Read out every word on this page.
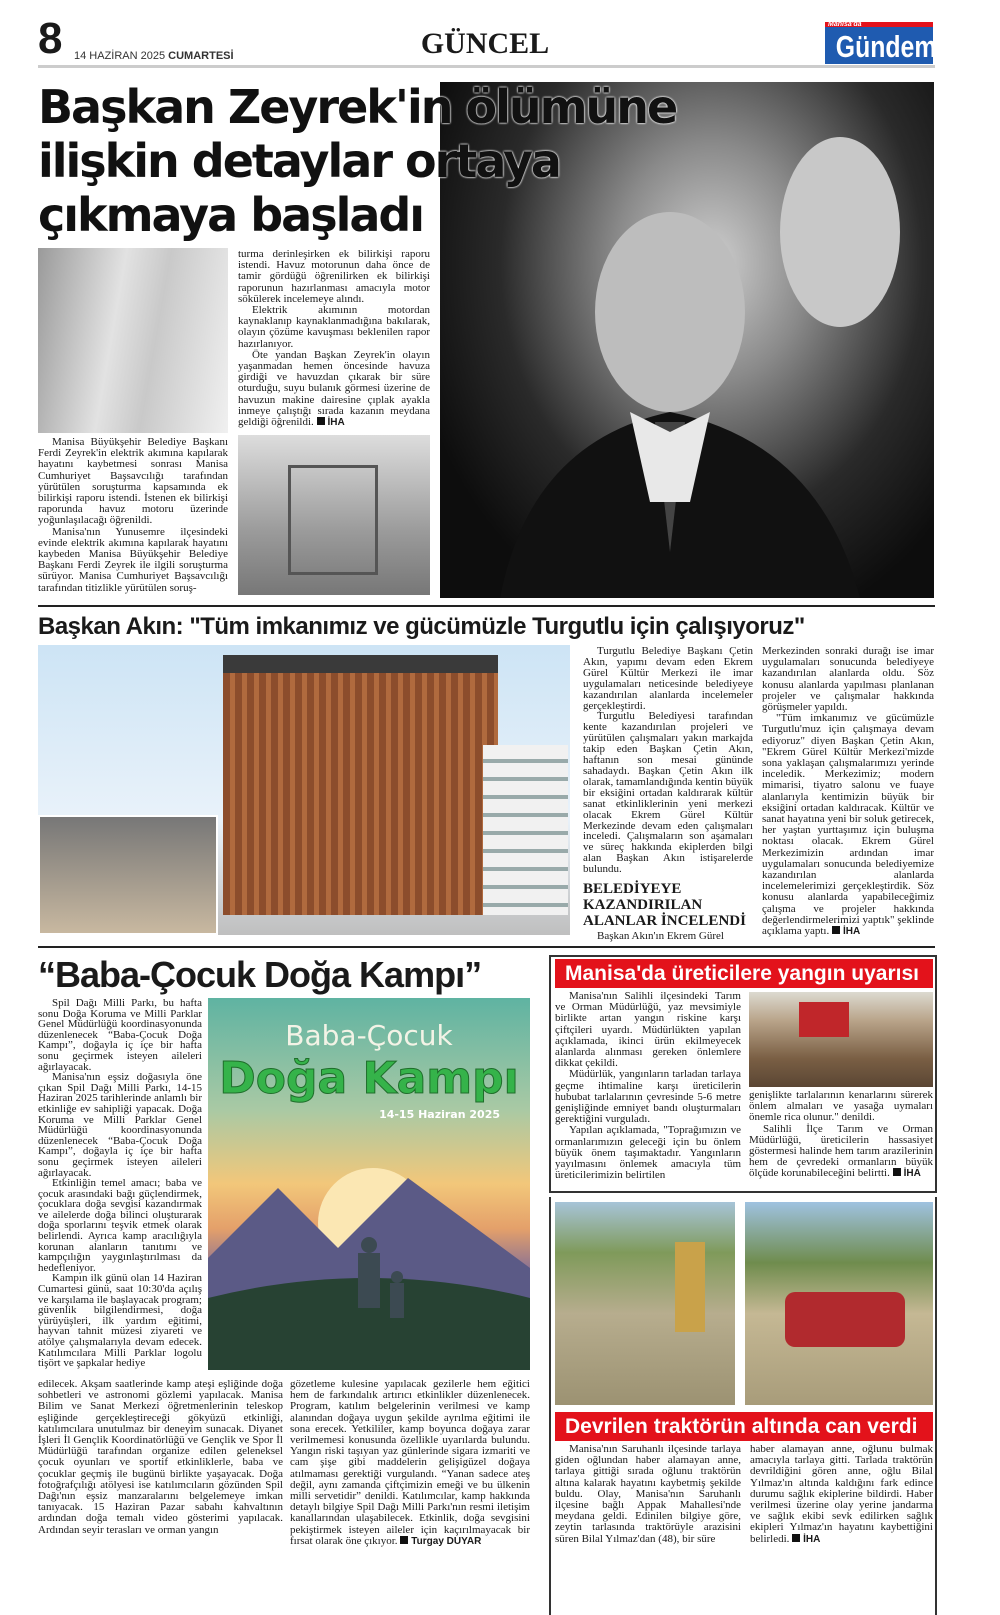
8 14 HAZİRAN 2025 CUMARTESİ	GÜNCEL
Manisa'da
Gündem
Başkan Zeyrek'in ölümüne
ilişkin detaylar ortaya
çıkmaya başladı

turma derinleşirken ek bilirkişi raporu istendi. Havuz motorunun daha önce de tamir gördüğü öğrenilirken ek bilirkişi raporunun hazırlanması amacıyla motor sökülerek incelemeye alındı.

Elektrik akımının motordan kaynaklanıp kaynaklanmadığına bakılarak, olayın çözüme kavuşması beklenilen rapor hazırlanıyor.

Öte yandan Başkan Zeyrek'in olayın yaşanmadan hemen öncesinde havuza girdiği ve havuzdan çıkarak bir süre oturduğu, suyu bulanık görmesi üzerine de havuzun makine dairesine çıplak ayakla inmeye çalıştığı sırada kazanın meydana geldiği öğrenildi. İHA

Manisa Büyükşehir Belediye Başkanı Ferdi Zeyrek'in elektrik akımına kapılarak hayatını kaybetmesi sonrası Manisa Cumhuriyet Başsavcılığı tarafından yürütülen soruşturma kapsamında ek bilirkişi raporu istendi. İstenen ek bilirkişi raporunda havuz motoru üzerinde yoğunlaşılacağı öğrenildi.

Manisa'nın Yunusemre ilçesindeki evinde elektrik akımına kapılarak hayatını kaybeden Manisa Büyükşehir Belediye Başkanı Ferdi Zeyrek ile ilgili soruşturma sürüyor. Manisa Cumhuriyet Başsavcılığı tarafından titizlikle yürütülen soruş-

Başkan Akın: "Tüm imkanımız ve gücümüzle Turgutlu için çalışıyoruz"

Turgutlu Belediye Başkanı Çetin Akın, yapımı devam eden Ekrem Gürel Kültür Merkezi ile imar uygulamaları neticesinde belediyeye kazandırılan alanlarda incelemeler gerçekleştirdi.

Turgutlu Belediyesi tarafından kente kazandırılan projeleri ve yürütülen çalışmaları yakın markajda takip eden Başkan Çetin Akın, haftanın son mesai gününde sahadaydı. Başkan Çetin Akın ilk olarak, tamamlandığında kentin büyük bir eksiğini ortadan kaldırarak kültür sanat etkinliklerinin yeni merkezi olacak Ekrem Gürel Kültür Merkezinde devam eden çalışmaları inceledi. Çalışmaların son aşamaları ve süreç hakkında ekiplerden bilgi alan Başkan Akın istişarelerde bulundu.

BELEDİYEYE KAZANDIRILAN ALANLAR İNCELENDİ
Başkan Akın'ın Ekrem Gürel

Merkezinden sonraki durağı ise imar uygulamaları sonucunda belediyeye kazandırılan alanlarda oldu. Söz konusu alanlarda yapılması planlanan projeler ve çalışmalar hakkında görüşmeler yapıldı.

"Tüm imkanımız ve gücümüzle Turgutlu'muz için çalışmaya devam ediyoruz" diyen Başkan Çetin Akın, "Ekrem Gürel Kültür Merkezi'mizde sona yaklaşan çalışmalarımızı yerinde inceledik. Merkezimiz; modern mimarisi, tiyatro salonu ve fuaye alanlarıyla kentimizin büyük bir eksiğini ortadan kaldıracak. Kültür ve sanat hayatına yeni bir soluk getirecek, her yaştan yurttaşımız için buluşma noktası olacak. Ekrem Gürel Merkezimizin ardından imar uygulamaları sonucunda belediyemize kazandırılan alanlarda incelemelerimizi gerçekleştirdik. Söz konusu alanlarda yapabileceğimiz çalışma ve projeler hakkında değerlendirmelerimizi yaptık" şeklinde açıklama yaptı. İHA

“Baba-Çocuk Doğa Kampı”

Spil Dağı Milli Parkı, bu hafta sonu Doğa Koruma ve Milli Parklar Genel Müdürlüğü koordinasyonunda düzenlenecek “Baba-Çocuk Doğa Kampı”, doğayla iç içe bir hafta sonu geçirmek isteyen aileleri ağırlayacak.

Manisa'nın eşsiz doğasıyla öne çıkan Spil Dağı Milli Parkı, 14-15 Haziran 2025 tarihlerinde anlamlı bir etkinliğe ev sahipliği yapacak. Doğa Koruma ve Milli Parklar Genel Müdürlüğü koordinasyonunda düzenlenecek “Baba-Çocuk Doğa Kampı”, doğayla iç içe bir hafta sonu geçirmek isteyen aileleri ağırlayacak.

Etkinliğin temel amacı; baba ve çocuk arasındaki bağı güçlendirmek, çocuklara doğa sevgisi kazandırmak ve ailelerde doğa bilinci oluşturarak doğa sporlarını teşvik etmek olarak belirlendi. Ayrıca kamp aracılığıyla korunan alanların tanıtımı ve kampçılığın yaygınlaştırılması da hedefleniyor.

Kampın ilk günü olan 14 Haziran Cumartesi günü, saat 10:30'da açılış ve karşılama ile başlayacak program; güvenlik bilgilendirmesi, doğa yürüyüşleri, ilk yardım eğitimi, hayvan tahnit müzesi ziyareti ve atölye çalışmalarıyla devam edecek. Katılımcılara Milli Parklar logolu tişört ve şapkalar hediye

Baba-Çocuk
Doğa Kampı
14-15 Haziran 2025
edilecek. Akşam saatlerinde kamp ateşi eşliğinde doğa sohbetleri ve astronomi gözlemi yapılacak. Manisa Bilim ve Sanat Merkezi öğretmenlerinin teleskop eşliğinde gerçekleştireceği gökyüzü etkinliği, katılımcılara unutulmaz bir deneyim sunacak. Diyanet İşleri İl Gençlik Koordinatörlüğü ve Gençlik ve Spor İl Müdürlüğü tarafından organize edilen geleneksel çocuk oyunları ve sportif etkinliklerle, baba ve çocuklar geçmiş ile bugünü birlikte yaşayacak. Doğa fotoğrafçılığı atölyesi ise katılımcıların gözünden Spil Dağı'nın eşsiz manzaralarını belgelemeye imkan tanıyacak. 15 Haziran Pazar sabahı kahvaltının ardından doğa temalı video gösterimi yapılacak. Ardından seyir terasları ve orman yangın
gözetleme kulesine yapılacak gezilerle hem eğitici hem de farkındalık artırıcı etkinlikler düzenlenecek. Program, katılım belgelerinin verilmesi ve kamp alanından doğaya uygun şekilde ayrılma eğitimi ile sona erecek. Yetkililer, kamp boyunca doğaya zarar verilmemesi konusunda özellikle uyarılarda bulundu. Yangın riski taşıyan yaz günlerinde sigara izmariti ve cam şişe gibi maddelerin gelişigüzel doğaya atılmaması gerektiği vurgulandı. “Yanan sadece ateş değil, aynı zamanda çiftçimizin emeği ve bu ülkenin milli servetidir” denildi. Katılımcılar, kamp hakkında detaylı bilgiye Spil Dağı Milli Parkı'nın resmi iletişim kanallarından ulaşabilecek. Etkinlik, doğa sevgisini pekiştirmek isteyen aileler için kaçırılmayacak bir fırsat olarak öne çıkıyor. Turgay DUYAR
Manisa'da üreticilere yangın uyarısı

Manisa'nın Salihli ilçesindeki Tarım ve Orman Müdürlüğü, yaz mevsimiyle birlikte artan yangın riskine karşı çiftçileri uyardı. Müdürlükten yapılan açıklamada, ikinci ürün ekilmeyecek alanlarda alınması gereken önlemlere dikkat çekildi.

Müdürlük, yangınların tarladan tarlaya geçme ihtimaline karşı üreticilerin hububat tarlalarının çevresinde 5-6 metre genişliğinde emniyet bandı oluşturmaları gerektiğini vurguladı.

Yapılan açıklamada, "Toprağımızın ve ormanlarımızın geleceği için bu önlem büyük önem taşımaktadır. Yangınların yayılmasını önlemek amacıyla tüm üreticilerimizin belirtilen

genişlikte tarlalarının kenarlarını sürerek önlem almaları ve yasağa uymaları önemle rica olunur." denildi.

Salihli İlçe Tarım ve Orman Müdürlüğü, üreticilerin hassasiyet göstermesi halinde hem tarım arazilerinin hem de çevredeki ormanların büyük ölçüde korunabileceğini belirtti. İHA

Devrilen traktörün altında can verdi

Manisa'nın Saruhanlı ilçesinde tarlaya giden oğlundan haber alamayan anne, tarlaya gittiği sırada oğlunu traktörün altına kalarak hayatını kaybetmiş şekilde buldu. Olay, Manisa'nın Saruhanlı ilçesine bağlı Appak Mahallesi'nde meydana geldi. Edinilen bilgiye göre, zeytin tarlasında traktörüyle arazisini süren Bilal Yılmaz'dan (48), bir süre

haber alamayan anne, oğlunu bulmak amacıyla tarlaya gitti. Tarlada traktörün devrildiğini gören anne, oğlu Bilal Yılmaz'ın altında kaldığını fark edince durumu sağlık ekiplerine bildirdi. Haber verilmesi üzerine olay yerine jandarma ve sağlık ekibi sevk edilirken sağlık ekipleri Yılmaz'ın hayatını kaybettiğini belirledi. İHA
